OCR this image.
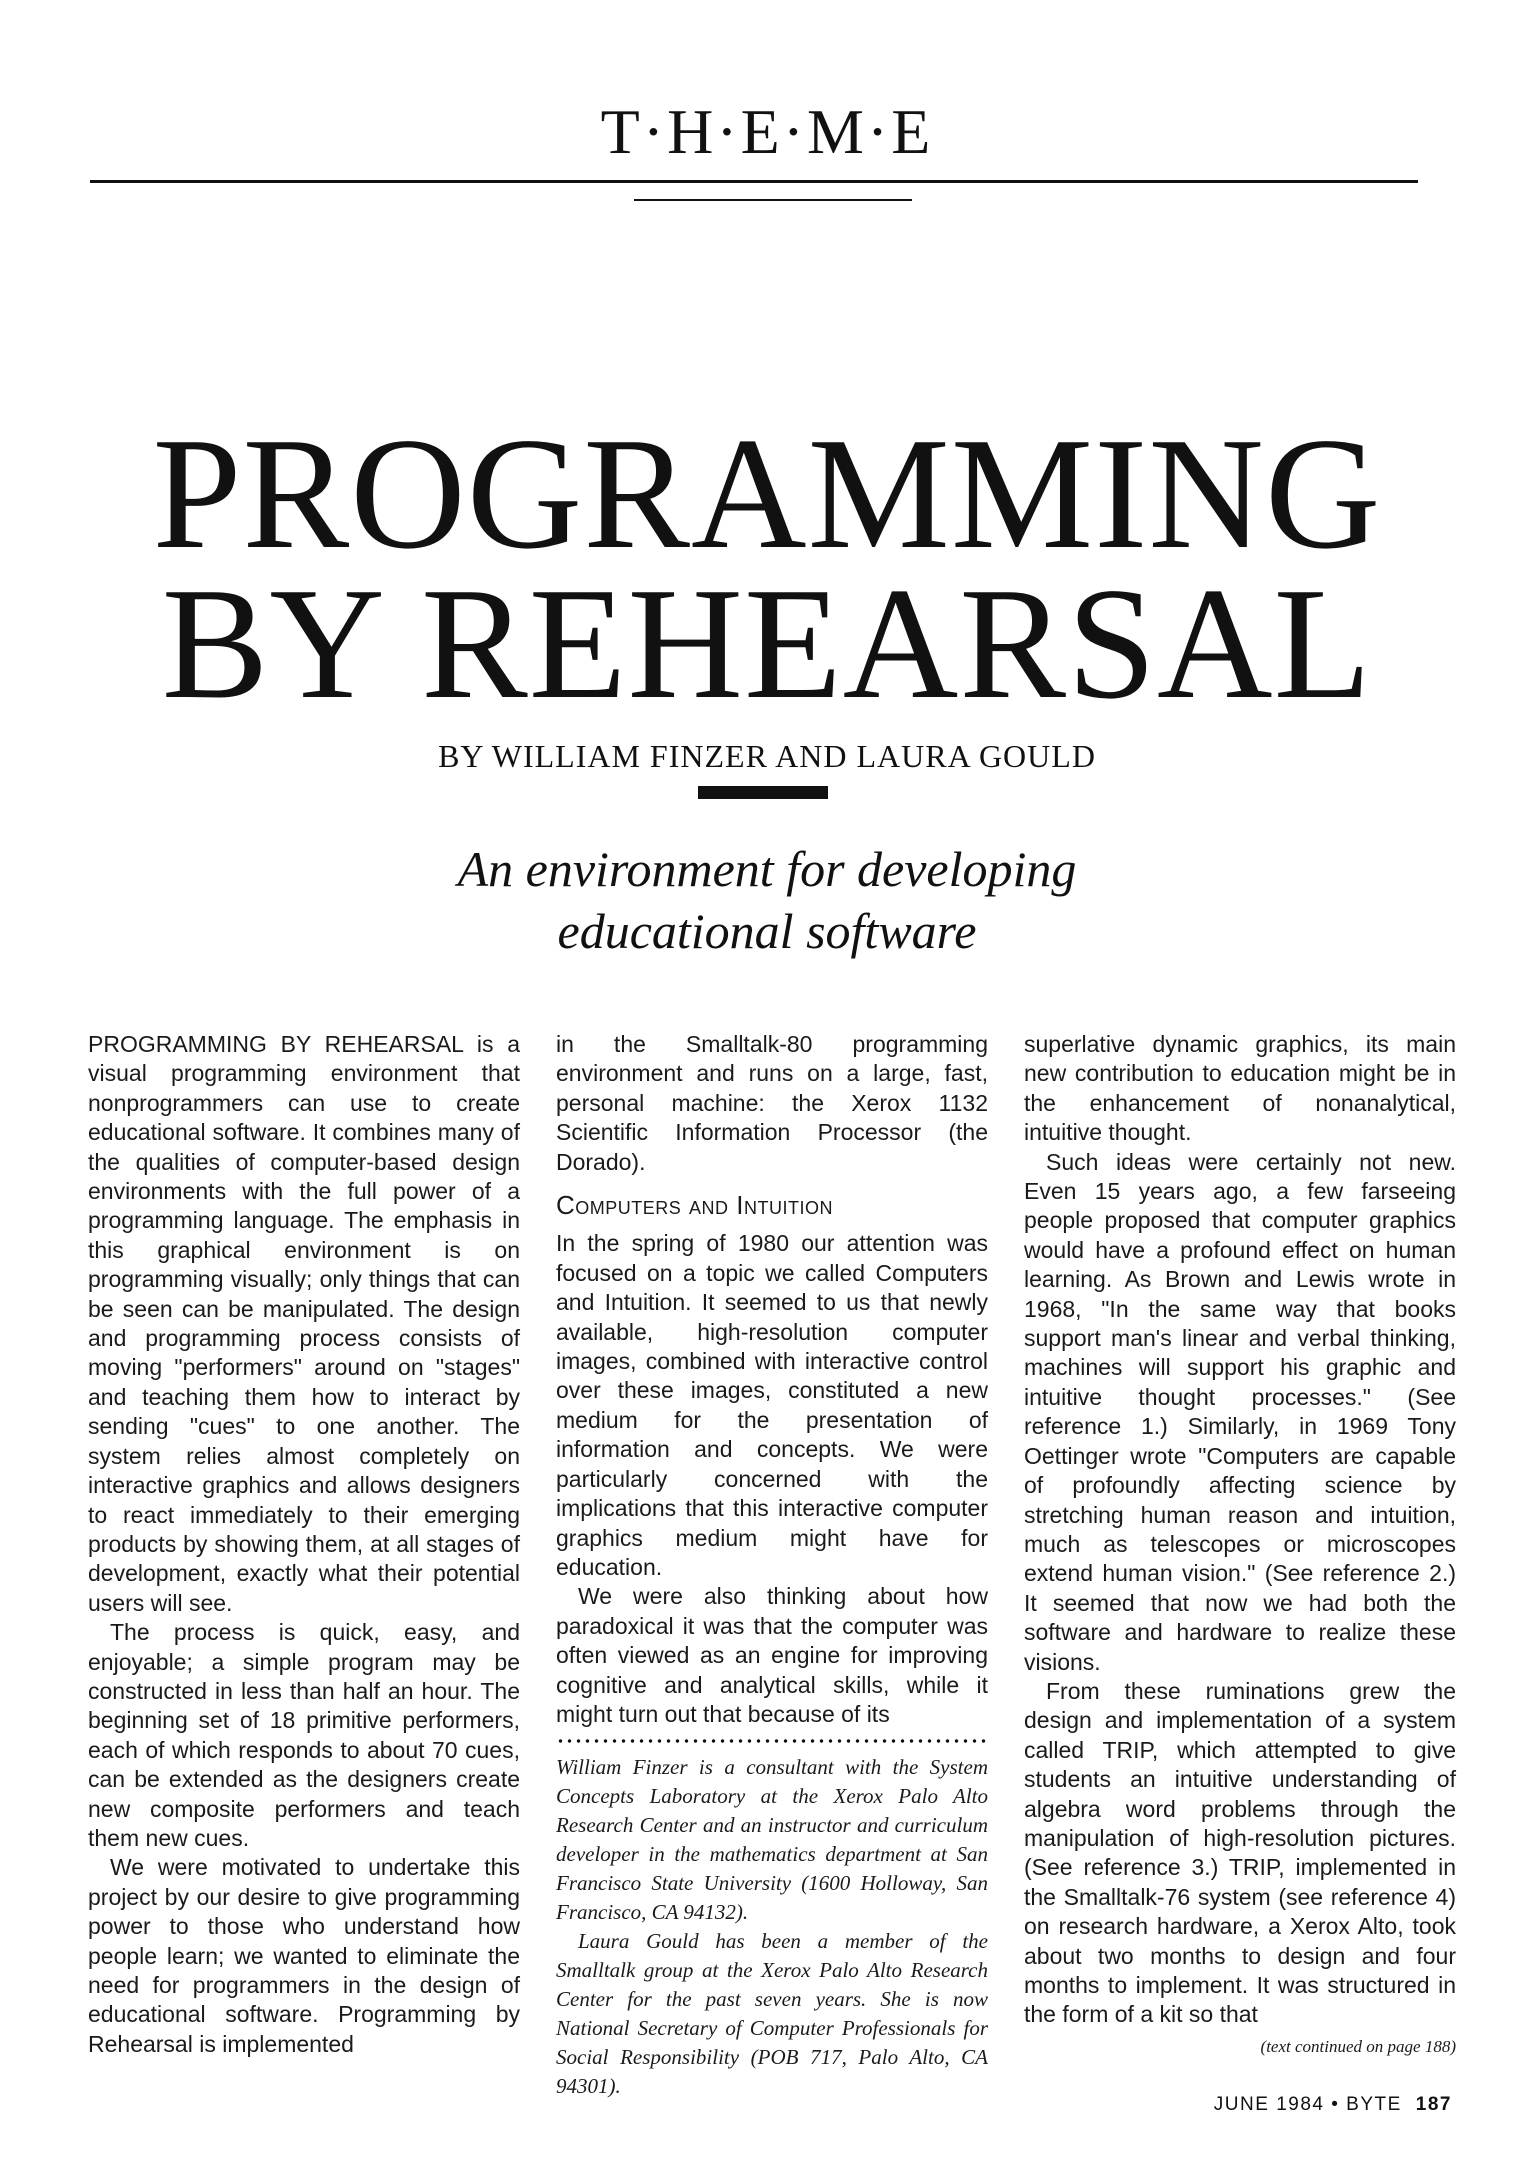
T·H·E·M·E
PROGRAMMING
BY REHEARSAL
BY WILLIAM FINZER AND LAURA GOULD
An environment for developing
educational software

PROGRAMMING BY REHEARSAL is a visual programming environment that nonprogrammers can use to create educational software. It combines many of the qualities of computer-based design environments with the full power of a programming language. The emphasis in this graphical environment is on programming visually; only things that can be seen can be manipulated. The design and programming process consists of moving "performers" around on "stages" and teaching them how to interact by sending "cues" to one another. The system relies almost completely on interactive graphics and allows designers to react immediately to their emerging products by showing them, at all stages of development, exactly what their potential users will see.

The process is quick, easy, and enjoyable; a simple program may be constructed in less than half an hour. The beginning set of 18 primitive performers, each of which responds to about 70 cues, can be extended as the designers create new composite performers and teach them new cues.

We were motivated to undertake this project by our desire to give programming power to those who understand how people learn; we wanted to eliminate the need for programmers in the design of educational software. Programming by Rehearsal is implemented

in the Smalltalk-80 programming environment and runs on a large, fast, personal machine: the Xerox 1132 Scientific Information Processor (the Dorado).

Computers and Intuition

In the spring of 1980 our attention was focused on a topic we called Computers and Intuition. It seemed to us that newly available, high-resolution computer images, combined with interactive control over these images, constituted a new medium for the presentation of information and concepts. We were particularly concerned with the implications that this interactive computer graphics medium might have for education.

We were also thinking about how paradoxical it was that the computer was often viewed as an engine for improving cognitive and analytical skills, while it might turn out that because of its

William Finzer is a consultant with the System Concepts Laboratory at the Xerox Palo Alto Research Center and an instructor and curriculum developer in the mathematics department at San Francisco State University (1600 Holloway, San Francisco, CA 94132).

Laura Gould has been a member of the Smalltalk group at the Xerox Palo Alto Research Center for the past seven years. She is now National Secretary of Computer Professionals for Social Responsibility (POB 717, Palo Alto, CA 94301).

superlative dynamic graphics, its main new contribution to education might be in the enhancement of nonanalytical, intuitive thought.

Such ideas were certainly not new. Even 15 years ago, a few farseeing people proposed that computer graphics would have a profound effect on human learning. As Brown and Lewis wrote in 1968, "In the same way that books support man's linear and verbal thinking, machines will support his graphic and intuitive thought processes." (See reference 1.) Similarly, in 1969 Tony Oettinger wrote "Computers are capable of profoundly affecting science by stretching human reason and intuition, much as telescopes or microscopes extend human vision." (See reference 2.) It seemed that now we had both the software and hardware to realize these visions.

From these ruminations grew the design and implementation of a system called TRIP, which attempted to give students an intuitive understanding of algebra word problems through the manipulation of high-resolution pictures. (See reference 3.) TRIP, implemented in the Smalltalk-76 system (see reference 4) on research hardware, a Xerox Alto, took about two months to design and four months to implement. It was structured in the form of a kit so that

(text continued on page 188)
JUNE 1984 • BYTE 187
